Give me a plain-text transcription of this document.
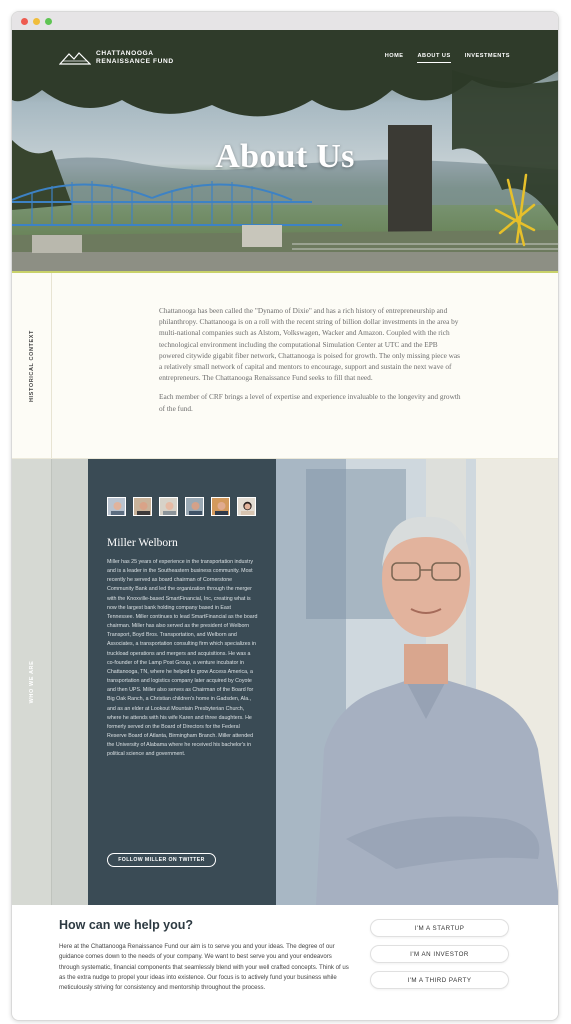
CHATTANOOGA
RENAISSANCE FUND
HOME	ABOUT US	INVESTMENTS
About Us
HISTORICAL CONTEXT

Chattanooga has been called the "Dynamo of Dixie" and has a rich history of entrepreneurship and philanthropy. Chattanooga is on a roll with the recent string of billion dollar investments in the area by multi-national companies such as Alstom, Volkswagen, Wacker and Amazon. Coupled with the rich technological environment including the computational Simulation Center at UTC and the EPB powered citywide gigabit fiber network, Chattanooga is poised for growth. The only missing piece was a relatively small network of capital and mentors to encourage, support and sustain the next wave of entrepreneurs. The Chattanooga Renaissance Fund seeks to fill that need.

Each member of CRF brings a level of expertise and experience invaluable to the longevity and growth of the fund.

WHO WE ARE
Miller Welborn
Miller has 25 years of experience in the transportation industry and is a leader in the Southeastern business community. Most recently he served as board chairman of Cornerstone Community Bank and led the organization through the merger with the Knoxville-based SmartFinancial, Inc, creating what is now the largest bank holding company based in East Tennessee. Miller continues to lead SmartFinancial as the board chairman. Miller has also served as the president of Welborn Transport, Boyd Bros. Transportation, and Welborn and Associates, a transportation consulting firm which specializes in truckload operations and mergers and acquisitions. He was a co-founder of the Lamp Post Group, a venture incubator in Chattanooga, TN, where he helped to grow Access America, a transportation and logistics company later acquired by Coyote and then UPS. Miller also serves as Chairman of the Board for Big Oak Ranch, a Christian children's home in Gadsden, Ala., and as an elder at Lookout Mountain Presbyterian Church, where he attends with his wife Karen and three daughters. He formerly served on the Board of Directors for the Federal Reserve Board of Atlanta, Birmingham Branch. Miller attended the University of Alabama where he received his bachelor's in political science and government.
FOLLOW MILLER ON TWITTER
How can we help you?

Here at the Chattanooga Renaissance Fund our aim is to serve you and your ideas. The degree of our guidance comes down to the needs of your company. We want to best serve you and your endeavors through systematic, financial components that seamlessly blend with your well crafted concepts. Think of us as the extra nudge to propel your ideas into existence. Our focus is to actively fund your business while meticulously striving for consistency and mentorship throughout the process.

I'M A STARTUP
I'M AN INVESTOR
I'M A THIRD PARTY
